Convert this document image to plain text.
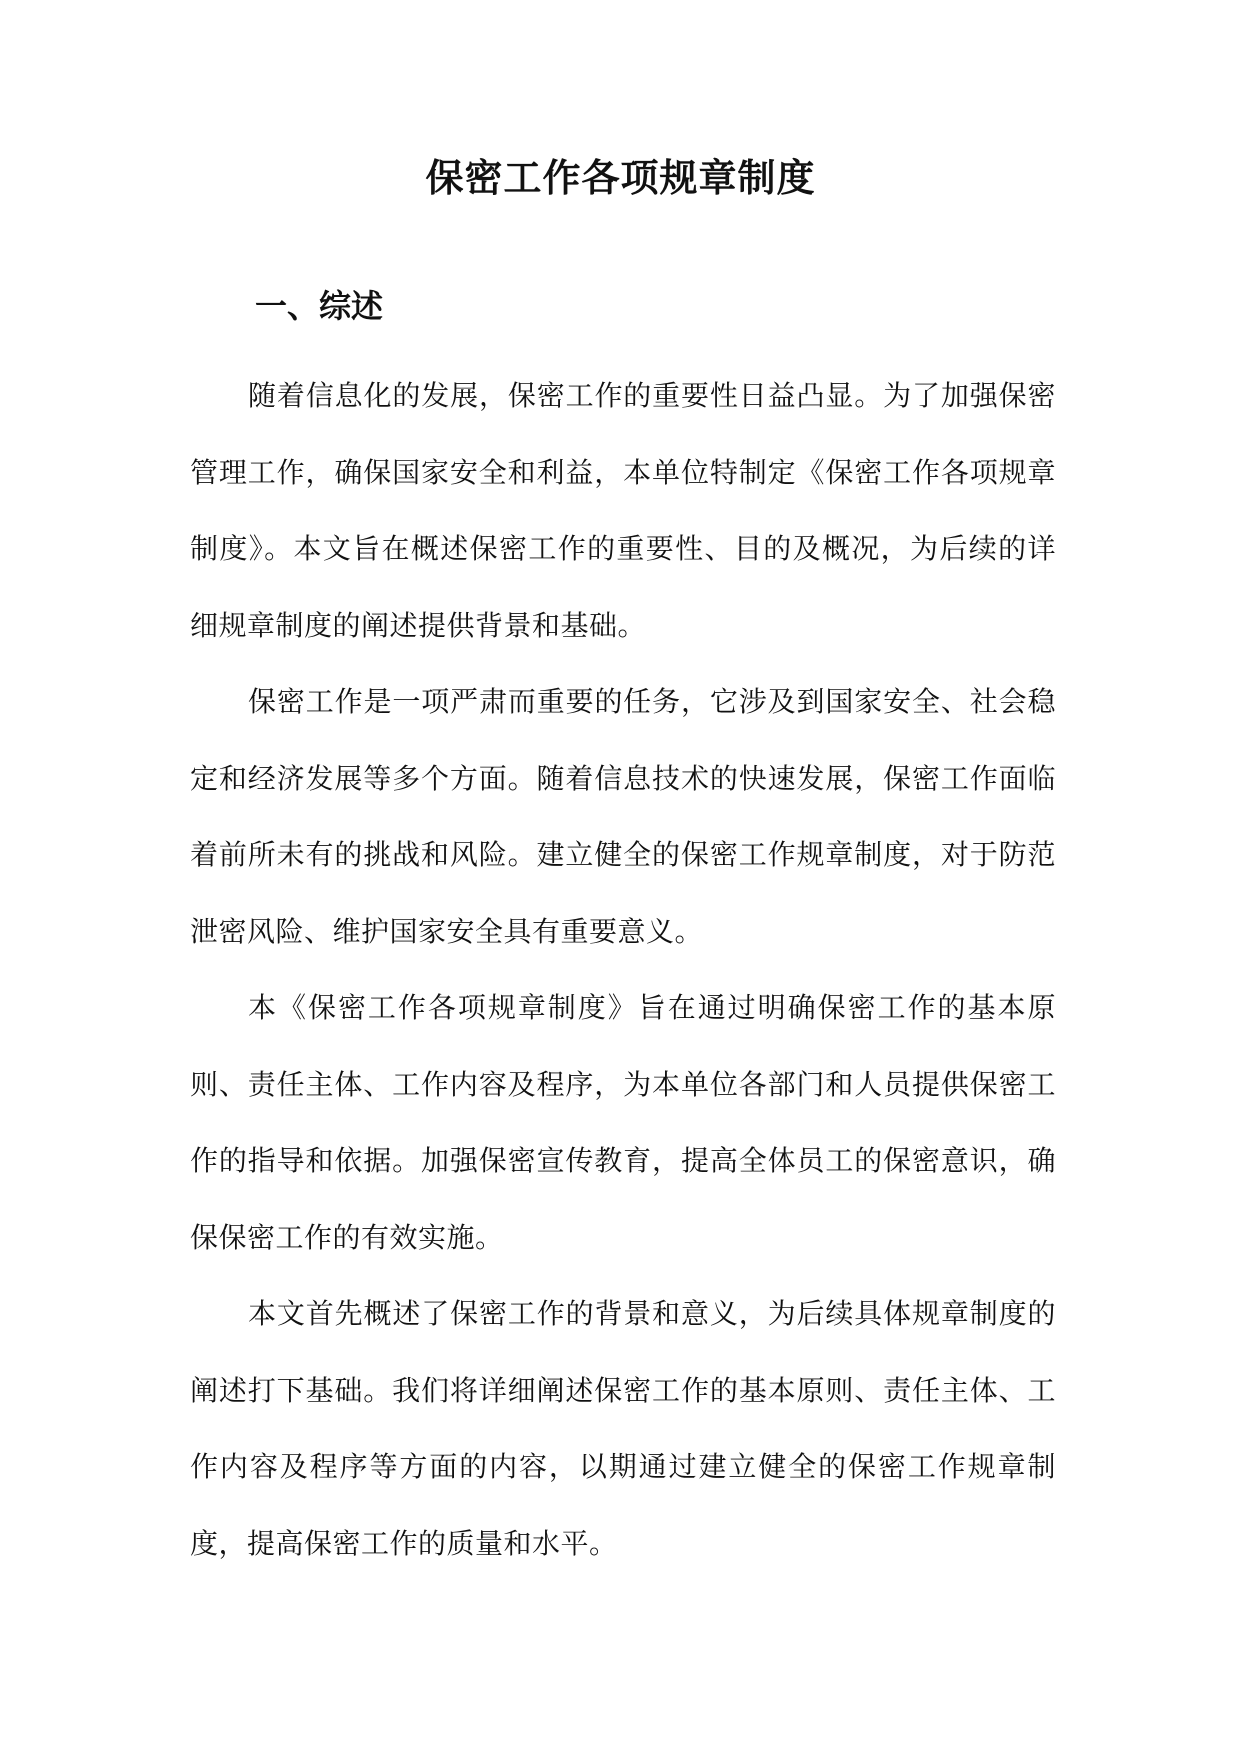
保密工作各项规章制度
一、综述

随着信息化的发展，保密工作的重要性日益凸显。为了加强保密管理工作，确保国家安全和利益，本单位特制定《保密工作各项规章制度》。本文旨在概述保密工作的重要性、目的及概况，为后续的详细规章制度的阐述提供背景和基础。

保密工作是一项严肃而重要的任务，它涉及到国家安全、社会稳定和经济发展等多个方面。随着信息技术的快速发展，保密工作面临着前所未有的挑战和风险。建立健全的保密工作规章制度，对于防范泄密风险、维护国家安全具有重要意义。

本《保密工作各项规章制度》旨在通过明确保密工作的基本原则、责任主体、工作内容及程序，为本单位各部门和人员提供保密工作的指导和依据。加强保密宣传教育，提高全体员工的保密意识，确保保密工作的有效实施。

本文首先概述了保密工作的背景和意义，为后续具体规章制度的阐述打下基础。我们将详细阐述保密工作的基本原则、责任主体、工作内容及程序等方面的内容，以期通过建立健全的保密工作规章制度，提高保密工作的质量和水平。
